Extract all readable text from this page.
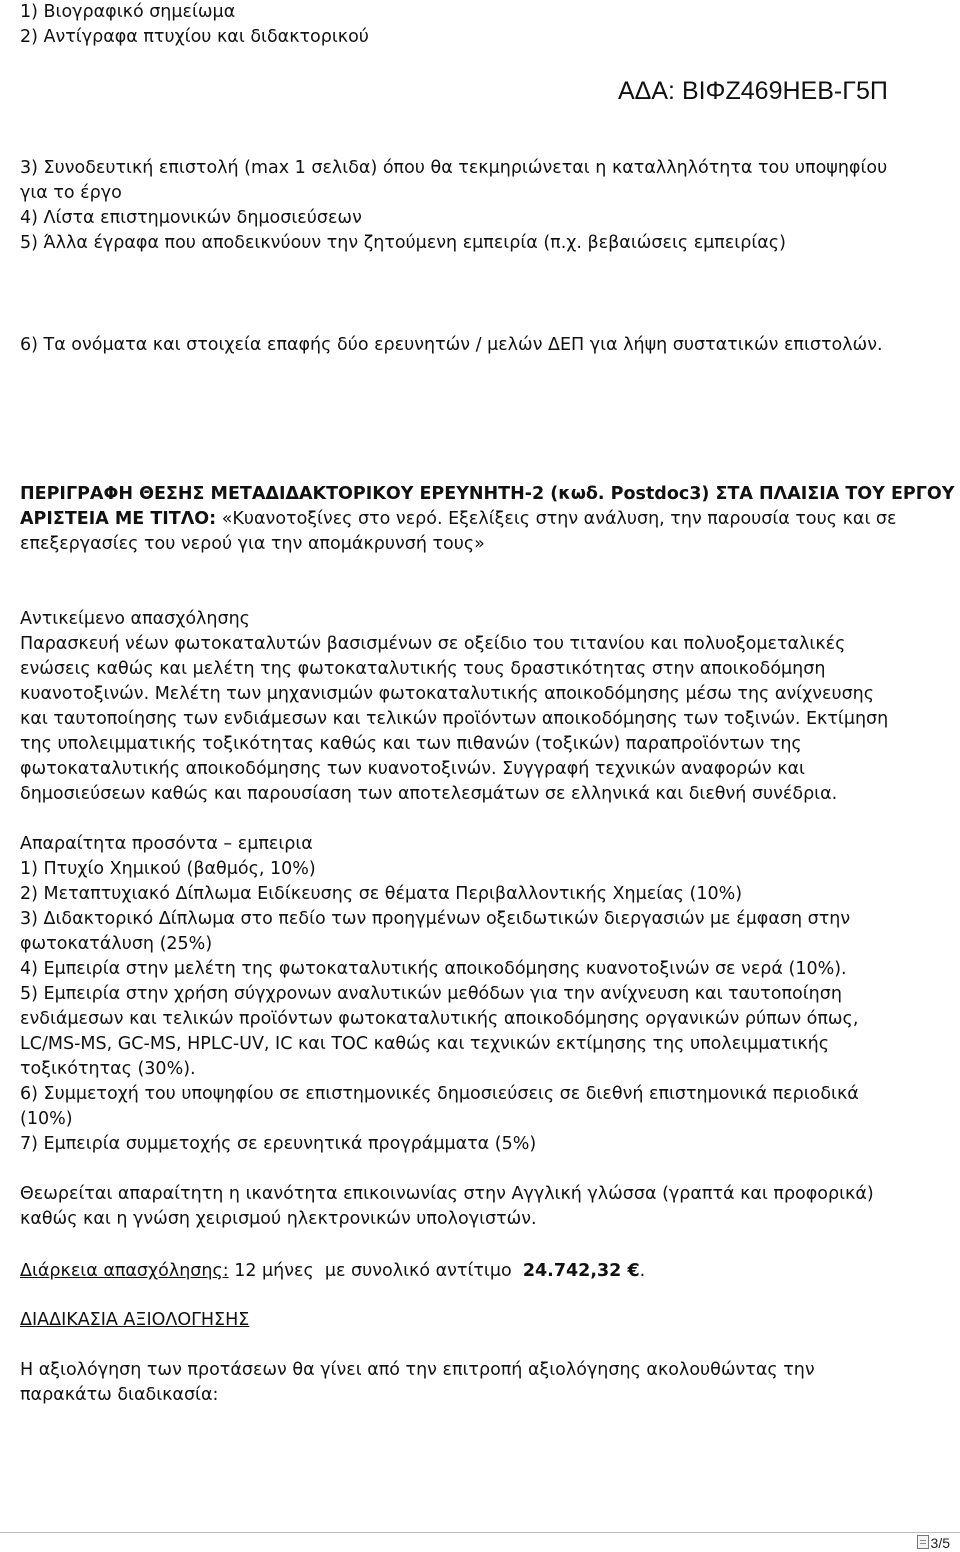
1) Βιογραφικό σημείωμα
2) Αντίγραφα πτυχίου και διδακτορικού
ΑΔΑ: ΒΙΦΖ469ΗΕΒ-Γ5Π
3) Συνοδευτική επιστολή (max 1 σελιδα) όπου θα τεκμηριώνεται η καταλληλότητα του υποψηφίου
για το έργο
4) Λίστα επιστημονικών δημοσιεύσεων
5) Άλλα έγραφα που αποδεικνύουν την ζητούμενη εμπειρία (π.χ. βεβαιώσεις εμπειρίας)
6) Τα ονόματα και στοιχεία επαφής δύο ερευνητών / μελών ΔΕΠ για λήψη συστατικών επιστολών.
ΠΕΡΙΓΡΑΦΗ ΘΕΣΗΣ ΜΕΤΑΔΙΔΑΚΤΟΡΙΚΟΥ ΕΡΕΥΝΗΤΗ-2 (κωδ. Postdoc3) ΣΤΑ ΠΛΑΙΣΙΑ ΤΟΥ ΕΡΓΟΥ
ΑΡΙΣΤΕΙΑ ΜΕ ΤΙΤΛΟ: «Κυανοτοξίνες στο νερό. Εξελίξεις στην ανάλυση, την παρουσία τους και σε
επεξεργασίες του νερού για την απομάκρυνσή τους»
Αντικείμενο απασχόλησης
Παρασκευή νέων φωτοκαταλυτών βασισμένων σε οξείδιο του τιτανίου και πολυοξομεταλικές
ενώσεις καθώς και μελέτη της φωτοκαταλυτικής τους δραστικότητας στην αποικοδόμηση
κυανοτοξινών. Μελέτη των μηχανισμών φωτοκαταλυτικής αποικοδόμησης μέσω της ανίχνευσης
και ταυτοποίησης των ενδιάμεσων και τελικών προϊόντων αποικοδόμησης των τοξινών. Εκτίμηση
της υπολειμματικής τοξικότητας καθώς και των πιθανών (τοξικών) παραπροϊόντων της
φωτοκαταλυτικής αποικοδόμησης των κυανοτοξινών. Συγγραφή τεχνικών αναφορών και
δημοσιεύσεων καθώς και παρουσίαση των αποτελεσμάτων σε ελληνικά και διεθνή συνέδρια.
Απαραίτητα προσόντα – εμπειρια
1) Πτυχίο Χημικού (βαθμός, 10%)
2) Μεταπτυχιακό Δίπλωμα Ειδίκευσης σε θέματα Περιβαλλοντικής Χημείας (10%)
3) Διδακτορικό Δίπλωμα στο πεδίο των προηγμένων οξειδωτικών διεργασιών με έμφαση στην
φωτοκατάλυση (25%)
4) Εμπειρία στην μελέτη της φωτοκαταλυτικής αποικοδόμησης κυανοτοξινών σε νερά (10%).
5) Εμπειρία στην χρήση σύγχρονων αναλυτικών μεθόδων για την ανίχνευση και ταυτοποίηση
ενδιάμεσων και τελικών προϊόντων φωτοκαταλυτικής αποικοδόμησης οργανικών ρύπων όπως,
LC/MS-MS, GC-MS, HPLC-UV, IC και TOC καθώς και τεχνικών εκτίμησης της υπολειμματικής
τοξικότητας (30%).
6) Συμμετοχή του υποψηφίου σε επιστημονικές δημοσιεύσεις σε διεθνή επιστημονικά περιοδικά
(10%)
7) Εμπειρία συμμετοχής σε ερευνητικά προγράμματα (5%)
Θεωρείται απαραίτητη η ικανότητα επικοινωνίας στην Αγγλική γλώσσα (γραπτά και προφορικά)
καθώς και η γνώση χειρισμού ηλεκτρονικών υπολογιστών.
Διάρκεια απασχόλησης: 12 μήνες  με συνολικό αντίτιμο  24.742,32 €.
ΔΙΑΔΙΚΑΣΙΑ ΑΞΙΟΛΟΓΗΣΗΣ
Η αξιολόγηση των προτάσεων θα γίνει από την επιτροπή αξιολόγησης ακολουθώντας την
παρακάτω διαδικασία:
3/5
